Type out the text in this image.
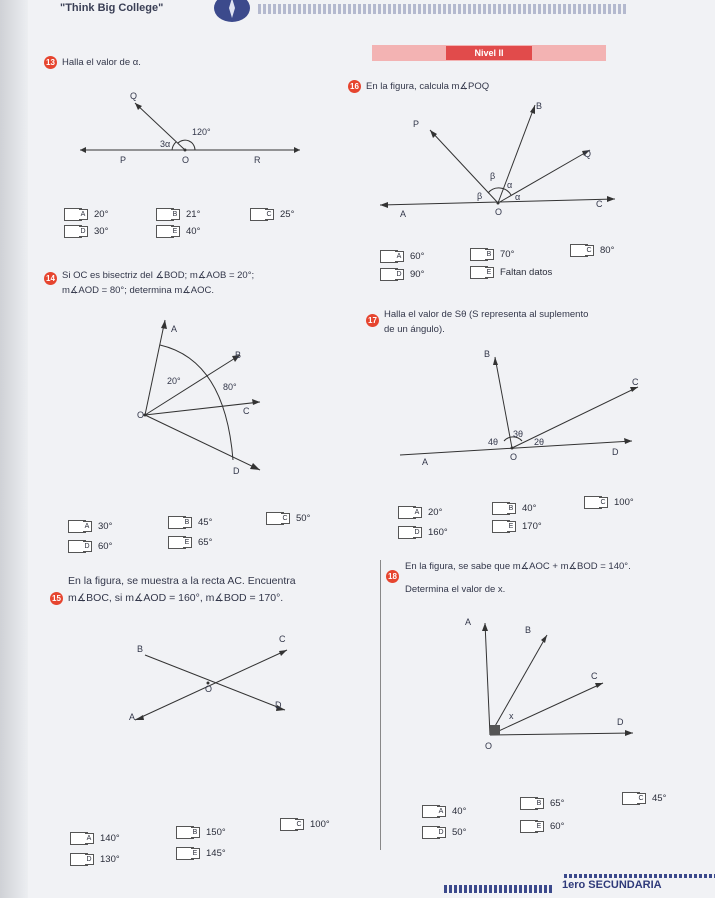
"Think Big College"
Nivel II
13 Halla el valor de α.
Q
P	O	R
120°
3α
A 20°	B 21°	C 25°
D 30°	E 40°
14 Si OC es bisectriz del ∡BOD; m∡AOB = 20°;
m∡AOD = 80°; determina m∡AOC.
A
B
C
D
O
20°
80°
A 30°	B 45°	C 50°
D 60°	E 65°
15
En la figura, se muestra a la recta AC. Encuentra
m∡BOC, si m∡AOD = 160°, m∡BOD = 170°.
B
C
O
D
A
A 140°
B 150°
C 100°
D 130°
E 145°
16 En la figura, calcula m∡POQ
P
B
Q
A	O
C
β
β
α
α
A 60°	B 70°	C 80°
D 90°	E Faltan datos
17
Halla el valor de Sθ (S representa al suplemento
de un ángulo).
B
C
A	O	D
4θ
3θ
2θ
A 20°	B 40°
C 100°
D 160°
E 170°
18
En la figura, se sabe que m∡AOC + m∡BOD = 140°.
Determina el valor de x.
A
B
C
D
O
x
A 40°
B 65°	C 45°
D 50°
E 60°
1ero SECUNDARIA
